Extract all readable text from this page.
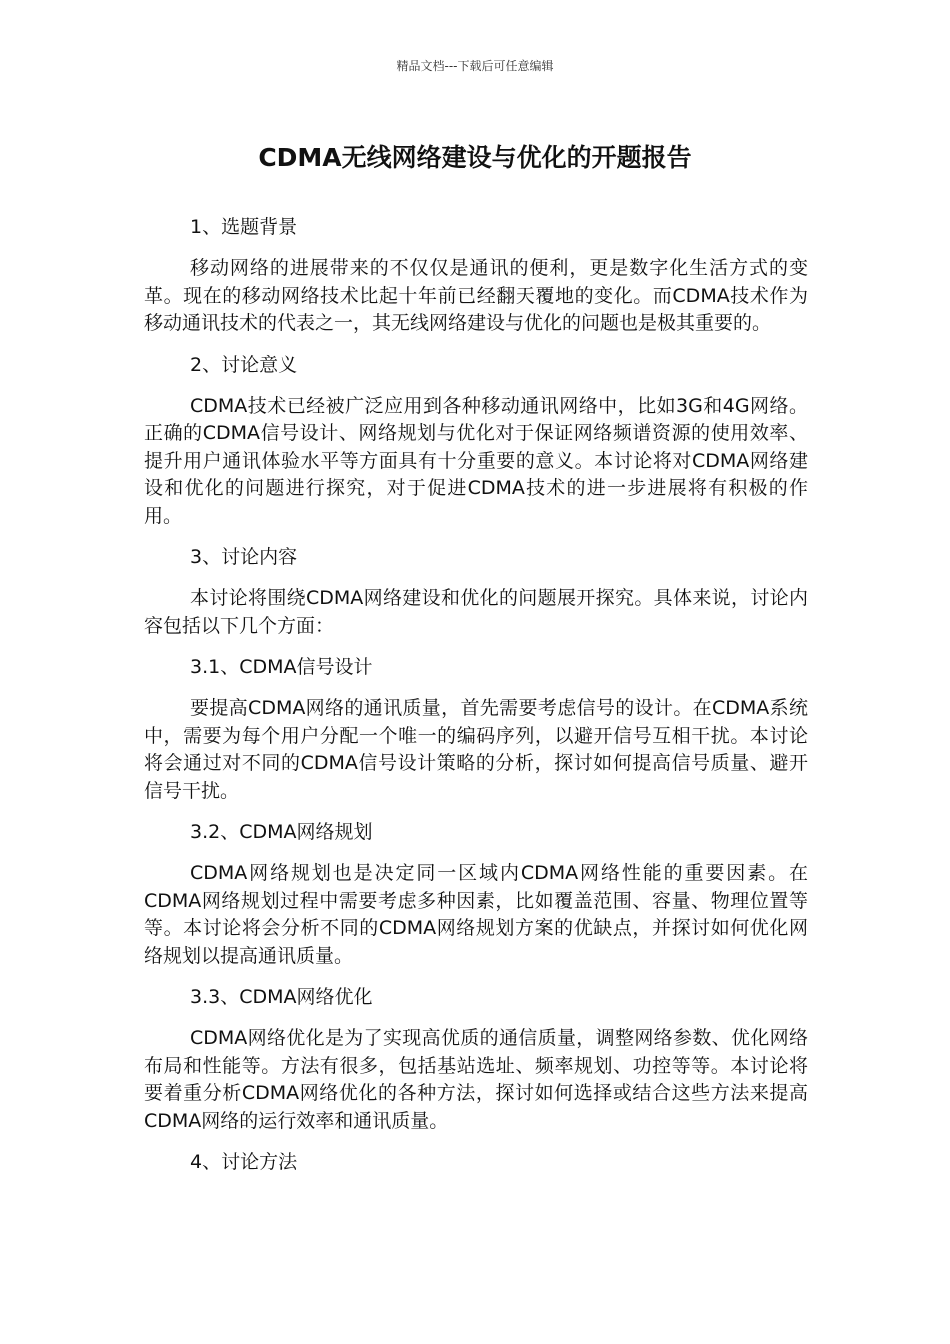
精品文档---下载后可任意编辑
CDMA无线网络建设与优化的开题报告
1、选题背景

移动网络的进展带来的不仅仅是通讯的便利，更是数字化生活方式的变革。现在的移动网络技术比起十年前已经翻天覆地的变化。而CDMA技术作为移动通讯技术的代表之一，其无线网络建设与优化的问题也是极其重要的。

2、讨论意义

CDMA技术已经被广泛应用到各种移动通讯网络中，比如3G和4G网络。正确的CDMA信号设计、网络规划与优化对于保证网络频谱资源的使用效率、提升用户通讯体验水平等方面具有十分重要的意义。本讨论将对CDMA网络建设和优化的问题进行探究，对于促进CDMA技术的进一步进展将有积极的作用。

3、讨论内容

本讨论将围绕CDMA网络建设和优化的问题展开探究。具体来说，讨论内容包括以下几个方面：

3.1、CDMA信号设计

要提高CDMA网络的通讯质量，首先需要考虑信号的设计。在CDMA系统中，需要为每个用户分配一个唯一的编码序列，以避开信号互相干扰。本讨论将会通过对不同的CDMA信号设计策略的分析，探讨如何提高信号质量、避开信号干扰。

3.2、CDMA网络规划

CDMA网络规划也是决定同一区域内CDMA网络性能的重要因素。在CDMA网络规划过程中需要考虑多种因素，比如覆盖范围、容量、物理位置等等。本讨论将会分析不同的CDMA网络规划方案的优缺点，并探讨如何优化网络规划以提高通讯质量。

3.3、CDMA网络优化

CDMA网络优化是为了实现高优质的通信质量，调整网络参数、优化网络布局和性能等。方法有很多，包括基站选址、频率规划、功控等等。本讨论将要着重分析CDMA网络优化的各种方法，探讨如何选择或结合这些方法来提高CDMA网络的运行效率和通讯质量。

4、讨论方法
